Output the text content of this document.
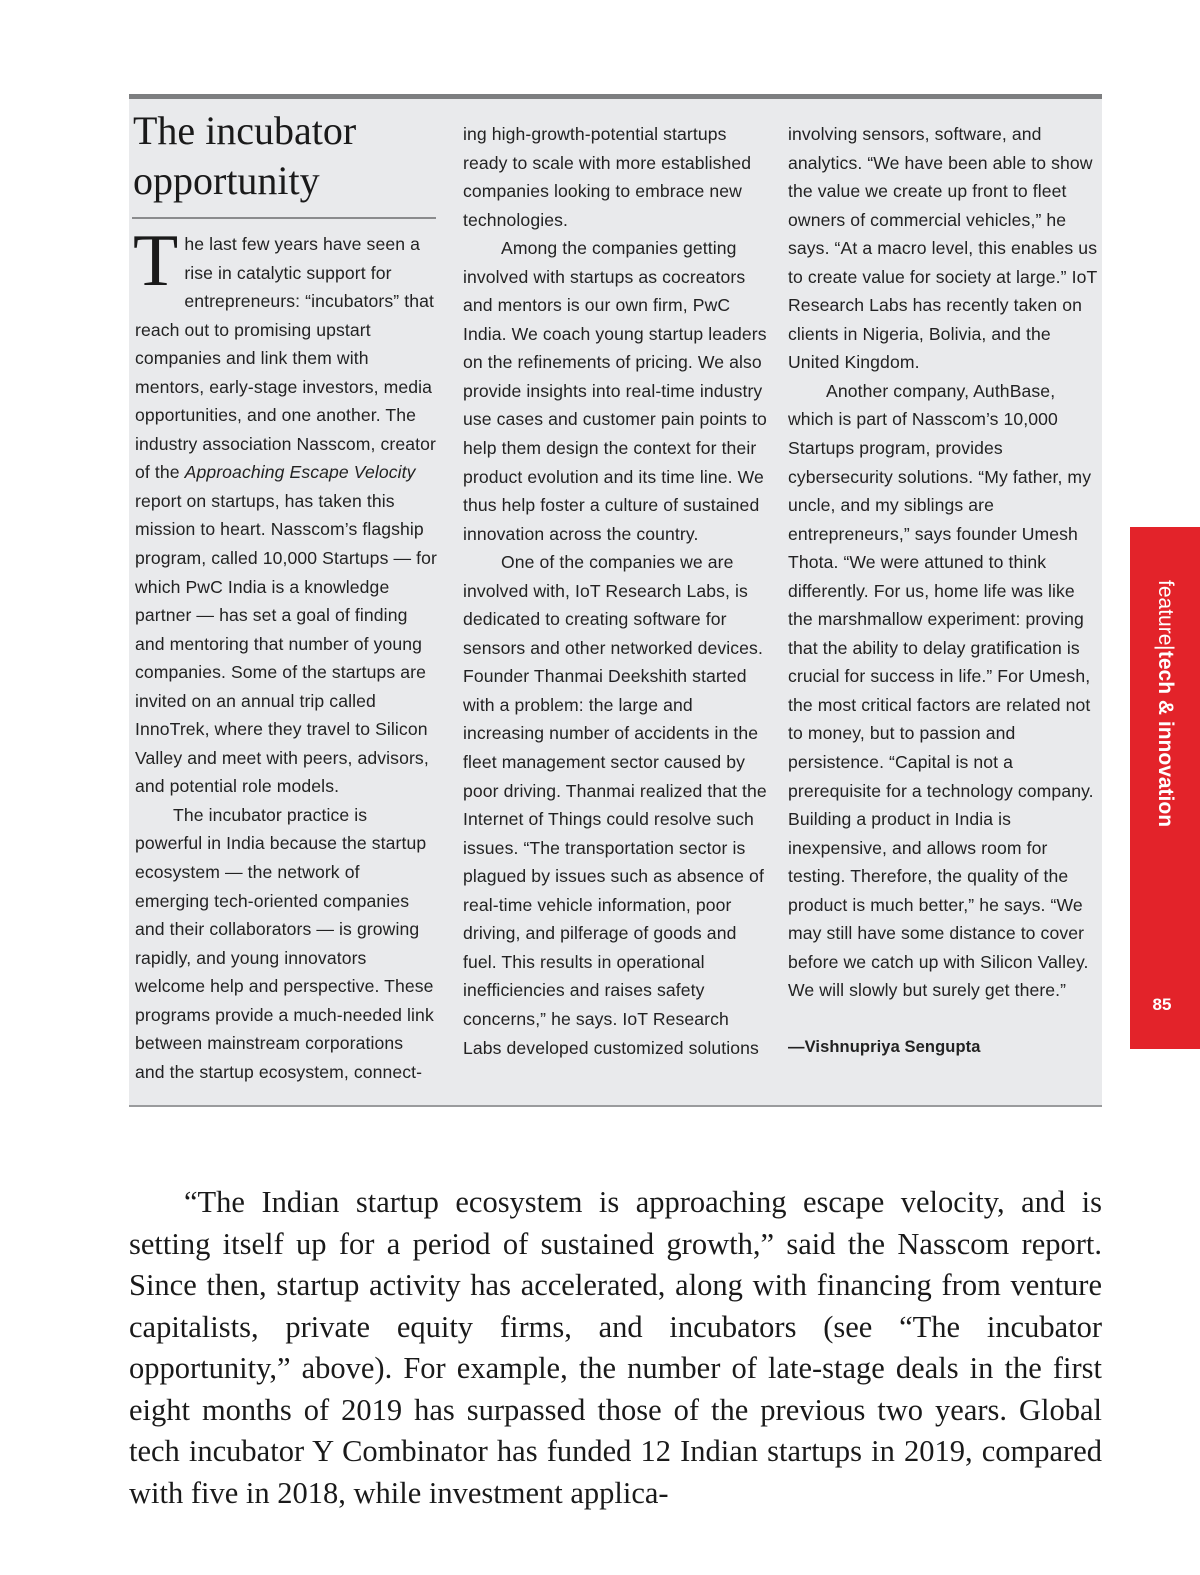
The incubator opportunity

The last few years have seen a rise in catalytic support for entrepreneurs: “incubators” that reach out to promising upstart companies and link them with mentors, early-stage investors, media opportunities, and one another. The industry association Nasscom, creator of the Approaching Escape Velocity report on startups, has taken this mission to heart. Nasscom’s flagship program, called 10,000 Startups — for which PwC India is a knowledge partner — has set a goal of finding and mentoring that number of young companies. Some of the startups are invited on an annual trip called InnoTrek, where they travel to Silicon Valley and meet with peers, advisors, and potential role models.

The incubator practice is powerful in India because the startup ecosystem — the network of emerging tech-oriented companies and their collaborators — is growing rapidly, and young innovators welcome help and perspective. These programs provide a much-needed link between mainstream corporations and the startup ecosystem, connect-

ing high-growth-potential startups ready to scale with more established companies looking to embrace new technologies.

Among the companies getting involved with startups as cocreators and mentors is our own firm, PwC India. We coach young startup leaders on the refinements of pricing. We also provide insights into real-time industry use cases and customer pain points to help them design the context for their product evolution and its time line. We thus help foster a culture of sustained innovation across the country.

One of the companies we are involved with, IoT Research Labs, is dedicated to creating software for sensors and other networked devices. Founder Thanmai Deekshith started with a problem: the large and increasing number of accidents in the fleet management sector caused by poor driving. Thanmai realized that the Internet of Things could resolve such issues. “The transportation sector is plagued by issues such as absence of real-time vehicle information, poor driving, and pilferage of goods and fuel. This results in operational inefficiencies and raises safety concerns,” he says. IoT Research Labs developed customized solutions

involving sensors, software, and analytics. “We have been able to show the value we create up front to fleet owners of commercial vehicles,” he says. “At a macro level, this enables us to create value for society at large.” IoT Research Labs has recently taken on clients in Nigeria, Bolivia, and the United Kingdom.

Another company, AuthBase, which is part of Nasscom’s 10,000 Startups program, provides cybersecurity solutions. “My father, my uncle, and my siblings are entrepreneurs,” says founder Umesh Thota. “We were attuned to think differently. For us, home life was like the marshmallow experiment: proving that the ability to delay gratification is crucial for success in life.” For Umesh, the most critical factors are related not to money, but to passion and persistence. “Capital is not a prerequisite for a technology company. Building a product in India is inexpensive, and allows room for testing. Therefore, the quality of the product is much better,” he says. “We may still have some distance to cover before we catch up with Silicon Valley. We will slowly but surely get there.”

—Vishnupriya Sengupta

“The Indian startup ecosystem is approaching escape velocity, and is setting itself up for a period of sustained growth,” said the Nasscom report. Since then, startup activity has accelerated, along with financing from venture capitalists, private equity firms, and incubators (see “The incubator opportunity,” above). For example, the number of late-stage deals in the first eight months of 2019 has surpassed those of the previous two years. Global tech incubator Y Combinator has funded 12 Indian startups in 2019, compared with five in 2018, while investment applica-

feature|tech & innovation
85
